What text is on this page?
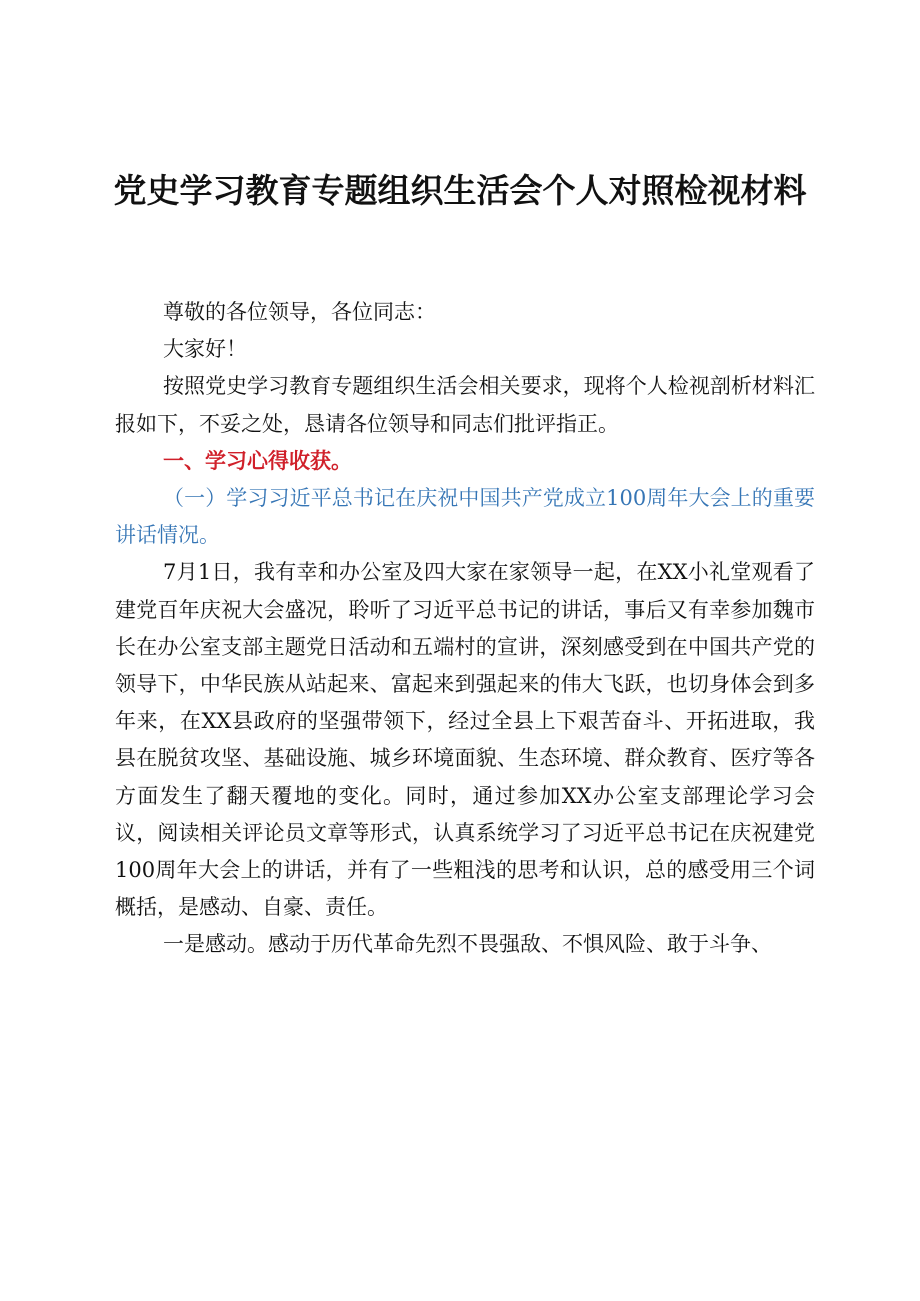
党史学习教育专题组织生活会个人对照检视材料

尊敬的各位领导，各位同志：

大家好！

按照党史学习教育专题组织生活会相关要求，现将个人检视剖析材料汇报如下，不妥之处，恳请各位领导和同志们批评指正。

一、学习心得收获。

（一）学习习近平总书记在庆祝中国共产党成立100周年大会上的重要讲话情况。

7月1日，我有幸和办公室及四大家在家领导一起，在XX小礼堂观看了建党百年庆祝大会盛况，聆听了习近平总书记的讲话，事后又有幸参加魏市长在办公室支部主题党日活动和五端村的宣讲，深刻感受到在中国共产党的领导下，中华民族从站起来、富起来到强起来的伟大飞跃，也切身体会到多年来，在XX县政府的坚强带领下，经过全县上下艰苦奋斗、开拓进取，我县在脱贫攻坚、基础设施、城乡环境面貌、生态环境、群众教育、医疗等各方面发生了翻天覆地的变化。同时，通过参加XX办公室支部理论学习会议，阅读相关评论员文章等形式，认真系统学习了习近平总书记在庆祝建党100周年大会上的讲话，并有了一些粗浅的思考和认识，总的感受用三个词概括，是感动、自豪、责任。

一是感动。感动于历代革命先烈不畏强敌、不惧风险、敢于斗争、
